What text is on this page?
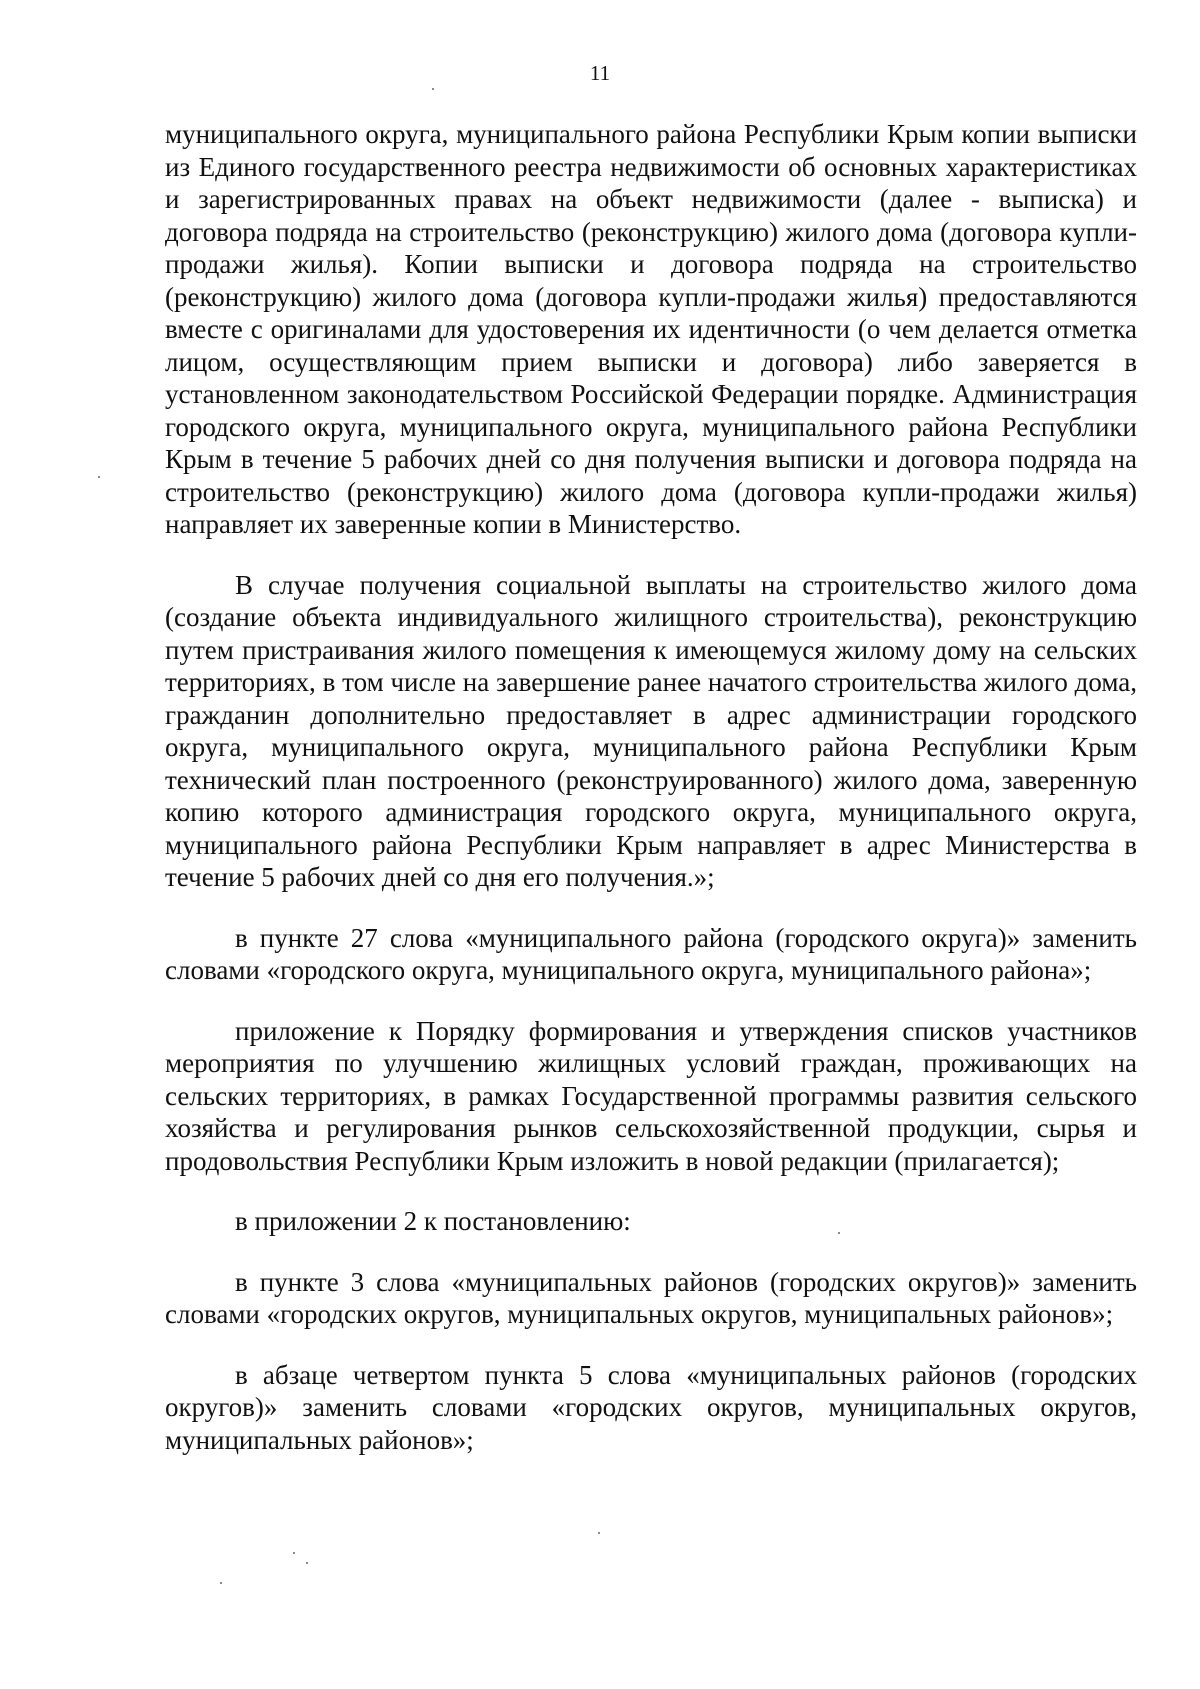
11

муниципального округа, муниципального района Республики Крым копии выписки из Единого государственного реестра недвижимости об основных характеристиках и зарегистрированных правах на объект недвижимости (далее - выписка) и договора подряда на строительство (реконструкцию) жилого дома (договора купли-продажи жилья). Копии выписки и договора подряда на строительство (реконструкцию) жилого дома (договора купли-продажи жилья) предоставляются вместе с оригиналами для удостоверения их идентичности (о чем делается отметка лицом, осуществляющим прием выписки и договора) либо заверяется в установленном законодательством Российской Федерации порядке. Администрация городского округа, муниципального округа, муниципального района Республики Крым в течение 5 рабочих дней со дня получения выписки и договора подряда на строительство (реконструкцию) жилого дома (договора купли-продажи жилья) направляет их заверенные копии в Министерство.

В случае получения социальной выплаты на строительство жилого дома (создание объекта индивидуального жилищного строительства), реконструкцию путем пристраивания жилого помещения к имеющемуся жилому дому на сельских территориях, в том числе на завершение ранее начатого строительства жилого дома, гражданин дополнительно предоставляет в адрес администрации городского округа, муниципального округа, муниципального района Республики Крым технический план построенного (реконструированного) жилого дома, заверенную копию которого администрация городского округа, муниципального округа, муниципального района Республики Крым направляет в адрес Министерства в течение 5 рабочих дней со дня его получения.»;

в пункте 27 слова «муниципального района (городского округа)» заменить словами «городского округа, муниципального округа, муниципального района»;

приложение к Порядку формирования и утверждения списков участников мероприятия по улучшению жилищных условий граждан, проживающих на сельских территориях, в рамках Государственной программы развития сельского хозяйства и регулирования рынков сельскохозяйственной продукции, сырья и продовольствия Республики Крым изложить в новой редакции (прилагается);

в приложении 2 к постановлению:

в пункте 3 слова «муниципальных районов (городских округов)» заменить словами «городских округов, муниципальных округов, муниципальных районов»;

в абзаце четвертом пункта 5 слова «муниципальных районов (городских округов)» заменить словами «городских округов, муниципальных округов, муниципальных районов»;
